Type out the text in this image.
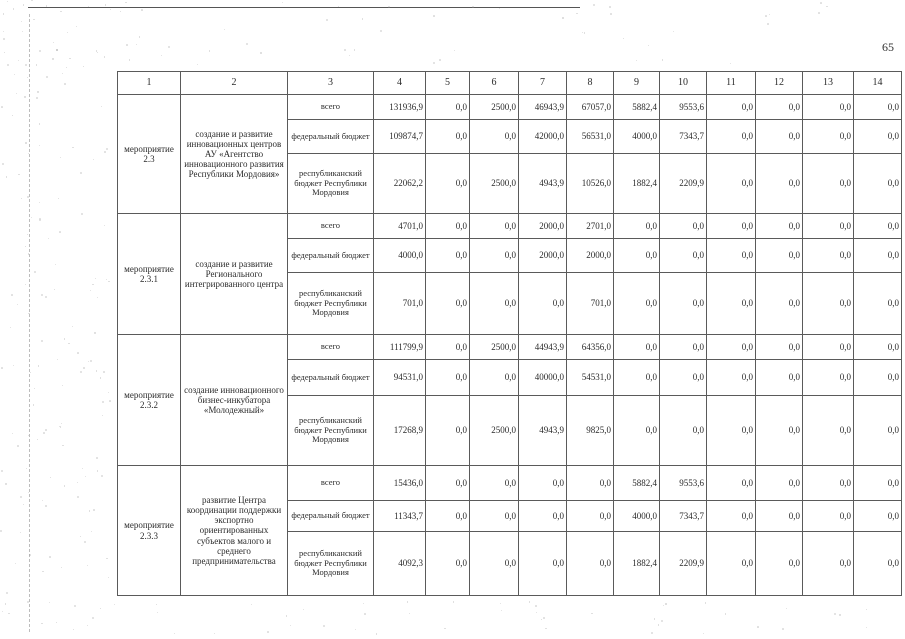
65
1	2	3	4	5	6	7	8	9	10	11	12	13	14
мероприятие 2.3	создание и развитие инновационных центров АУ «Агентство инновационного развития Республики Мордовия»	всего	131936,9	0,0	2500,0	46943,9	67057,0	5882,4	9553,6	0,0	0,0	0,0	0,0
		федеральный бюджет	109874,7	0,0	0,0	42000,0	56531,0	4000,0	7343,7	0,0	0,0	0,0	0,0
		республиканский бюджет Республики Мордовия	22062,2	0,0	2500,0	4943,9	10526,0	1882,4	2209,9	0,0	0,0	0,0	0,0
мероприятие 2.3.1	создание и развитие Регионального интегрированного центра	всего	4701,0	0,0	0,0	2000,0	2701,0	0,0	0,0	0,0	0,0	0,0	0,0
		федеральный бюджет	4000,0	0,0	0,0	2000,0	2000,0	0,0	0,0	0,0	0,0	0,0	0,0
		республиканский бюджет Республики Мордовия	701,0	0,0	0,0	0,0	701,0	0,0	0,0	0,0	0,0	0,0	0,0
мероприятие 2.3.2	создание инновационного бизнес-инкубатора «Молодежный»	всего	111799,9	0,0	2500,0	44943,9	64356,0	0,0	0,0	0,0	0,0	0,0	0,0
		федеральный бюджет	94531,0	0,0	0,0	40000,0	54531,0	0,0	0,0	0,0	0,0	0,0	0,0
		республиканский бюджет Республики Мордовия	17268,9	0,0	2500,0	4943,9	9825,0	0,0	0,0	0,0	0,0	0,0	0,0
мероприятие 2.3.3	развитие Центра координации поддержки экспортно ориентированных субъектов малого и среднего предпринимательства	всего	15436,0	0,0	0,0	0,0	0,0	5882,4	9553,6	0,0	0,0	0,0	0,0
		федеральный бюджет	11343,7	0,0	0,0	0,0	0,0	4000,0	7343,7	0,0	0,0	0,0	0,0
		республиканский бюджет Республики Мордовия	4092,3	0,0	0,0	0,0	0,0	1882,4	2209,9	0,0	0,0	0,0	0,0
